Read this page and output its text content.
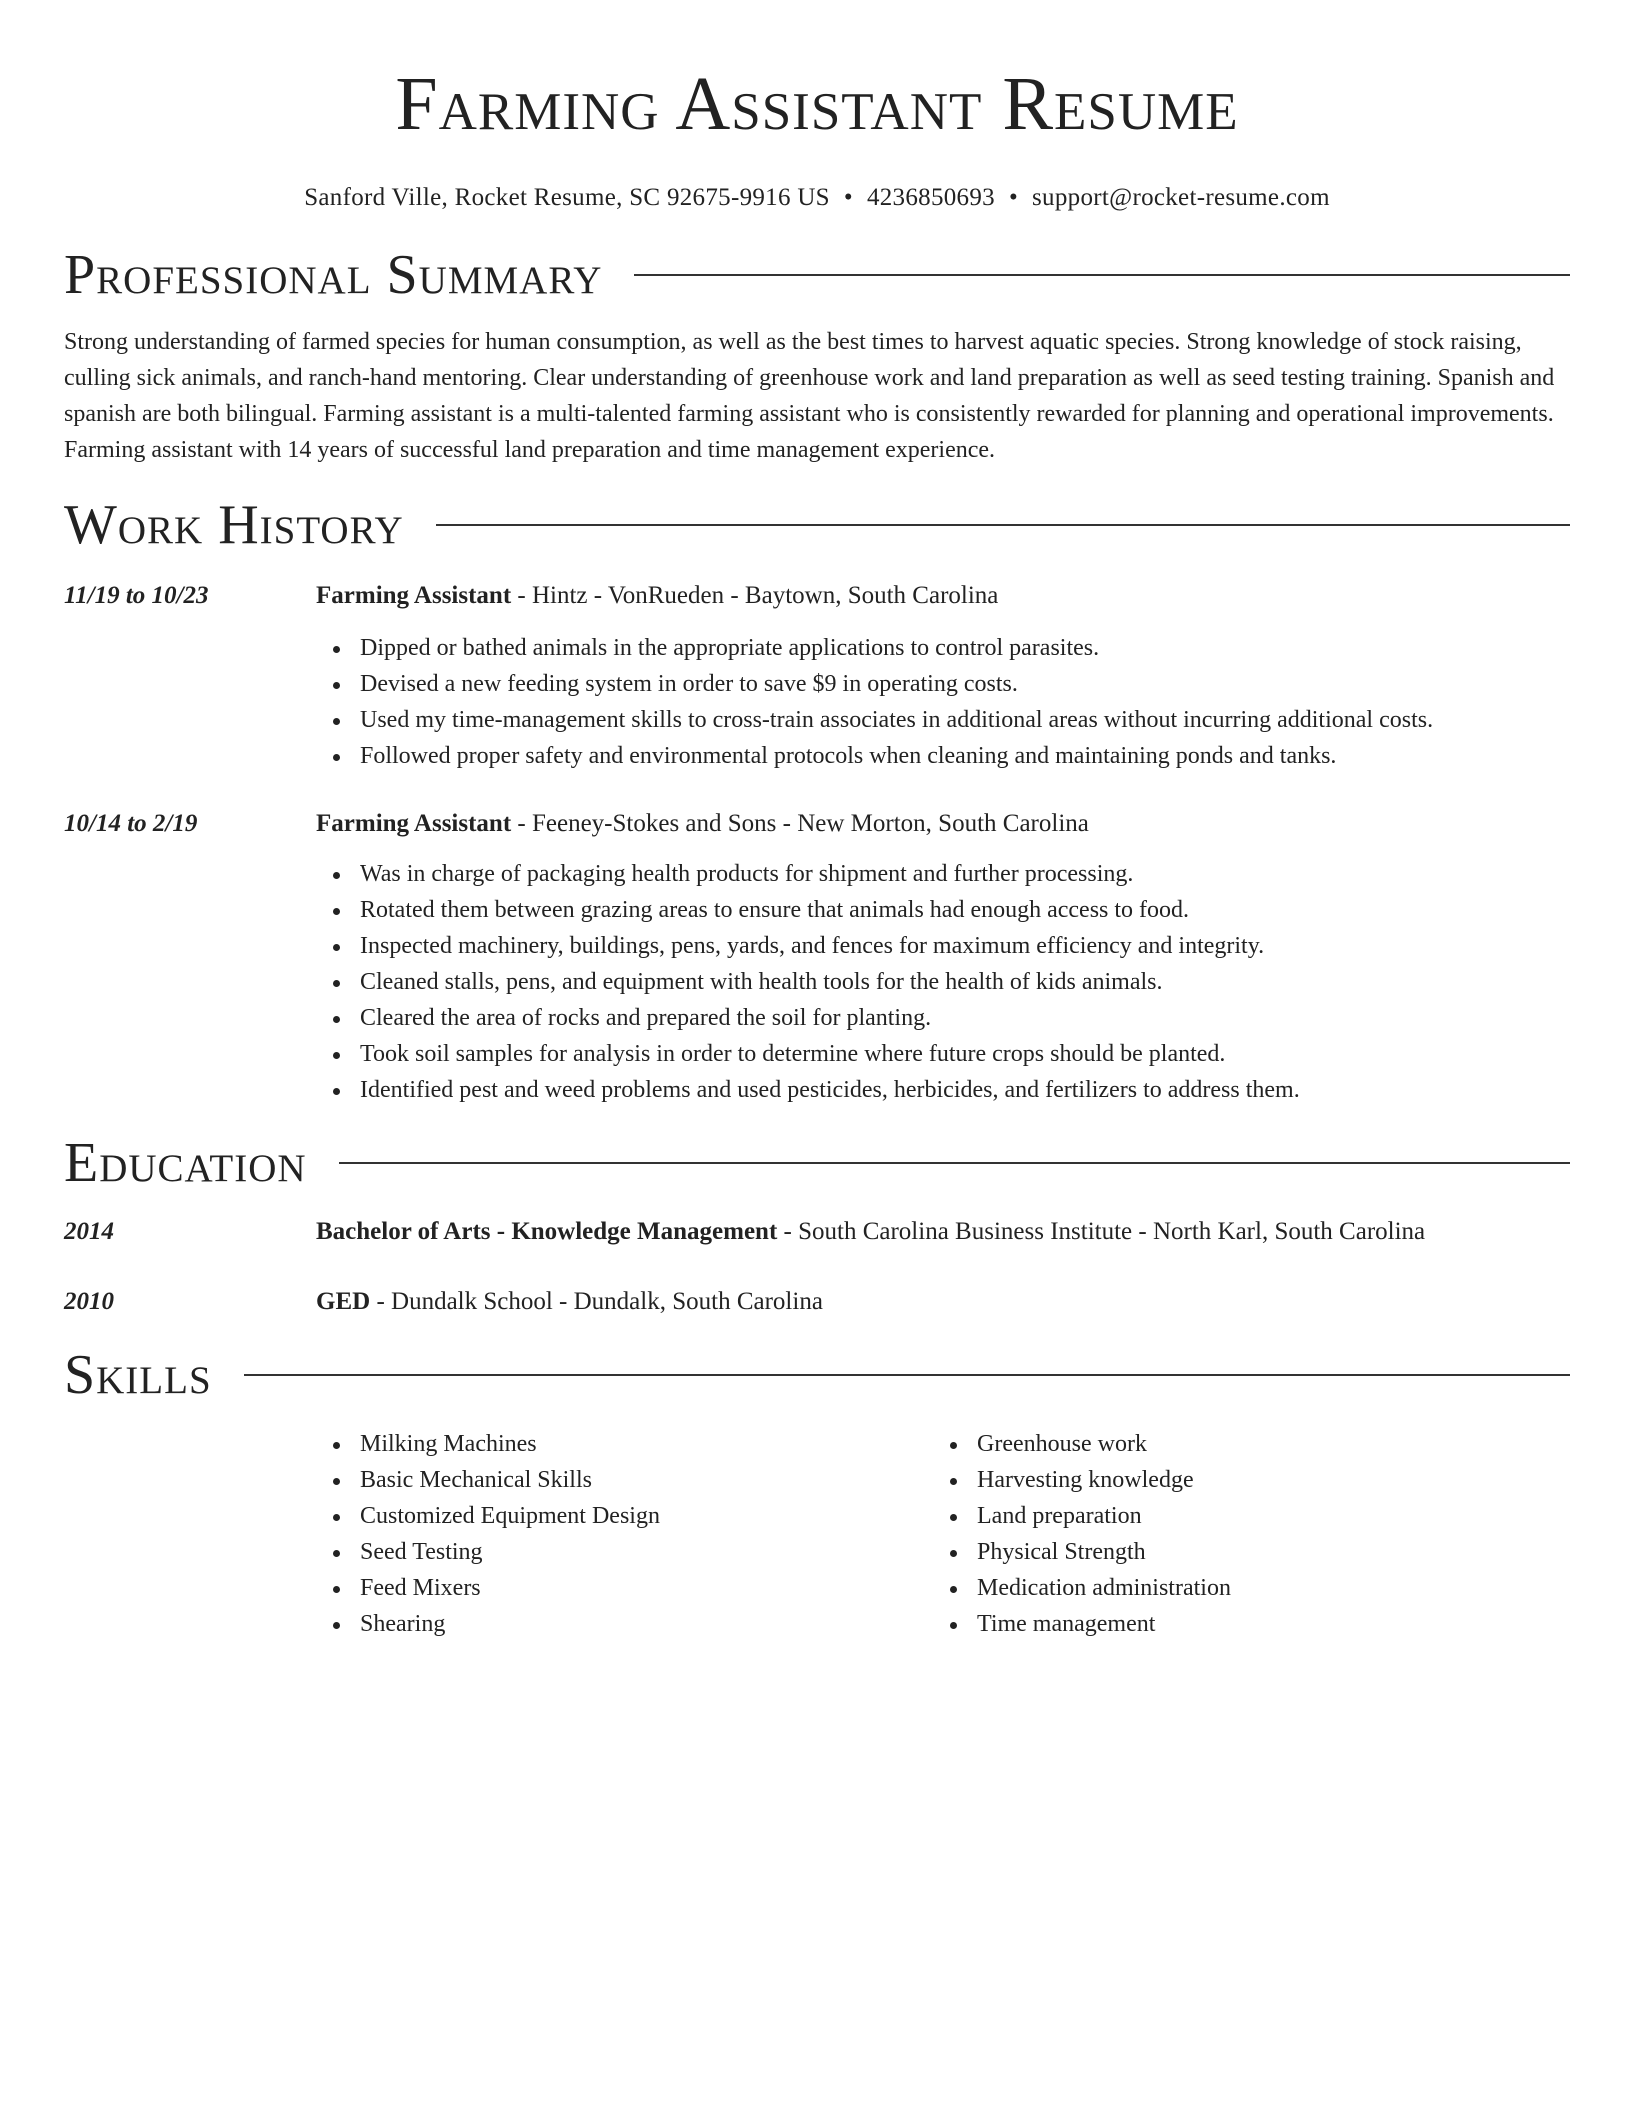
Farming Assistant Resume
Sanford Ville, Rocket Resume, SC 92675-9916 US • 4236850693 • support@rocket-resume.com
Professional Summary

Strong understanding of farmed species for human consumption, as well as the best times to harvest aquatic species. Strong knowledge of stock raising, culling sick animals, and ranch-hand mentoring. Clear understanding of greenhouse work and land preparation as well as seed testing training. Spanish and spanish are both bilingual. Farming assistant is a multi-talented farming assistant who is consistently rewarded for planning and operational improvements. Farming assistant with 14 years of successful land preparation and time management experience.

Work History
11/19 to 10/23	Farming Assistant - Hintz - VonRueden - Baytown, South Carolina
Dipped or bathed animals in the appropriate applications to control parasites.
Devised a new feeding system in order to save $9 in operating costs.
Used my time-management skills to cross-train associates in additional areas without incurring additional costs.
Followed proper safety and environmental protocols when cleaning and maintaining ponds and tanks.
10/14 to 2/19	Farming Assistant - Feeney-Stokes and Sons - New Morton, South Carolina
Was in charge of packaging health products for shipment and further processing.
Rotated them between grazing areas to ensure that animals had enough access to food.
Inspected machinery, buildings, pens, yards, and fences for maximum efficiency and integrity.
Cleaned stalls, pens, and equipment with health tools for the health of kids animals.
Cleared the area of rocks and prepared the soil for planting.
Took soil samples for analysis in order to determine where future crops should be planted.
Identified pest and weed problems and used pesticides, herbicides, and fertilizers to address them.
Education
2014	Bachelor of Arts - Knowledge Management - South Carolina Business Institute - North Karl, South Carolina
2010	GED - Dundalk School - Dundalk, South Carolina
Skills
Milking Machines
Basic Mechanical Skills
Customized Equipment Design
Seed Testing
Feed Mixers
Shearing
Greenhouse work
Harvesting knowledge
Land preparation
Physical Strength
Medication administration
Time management
